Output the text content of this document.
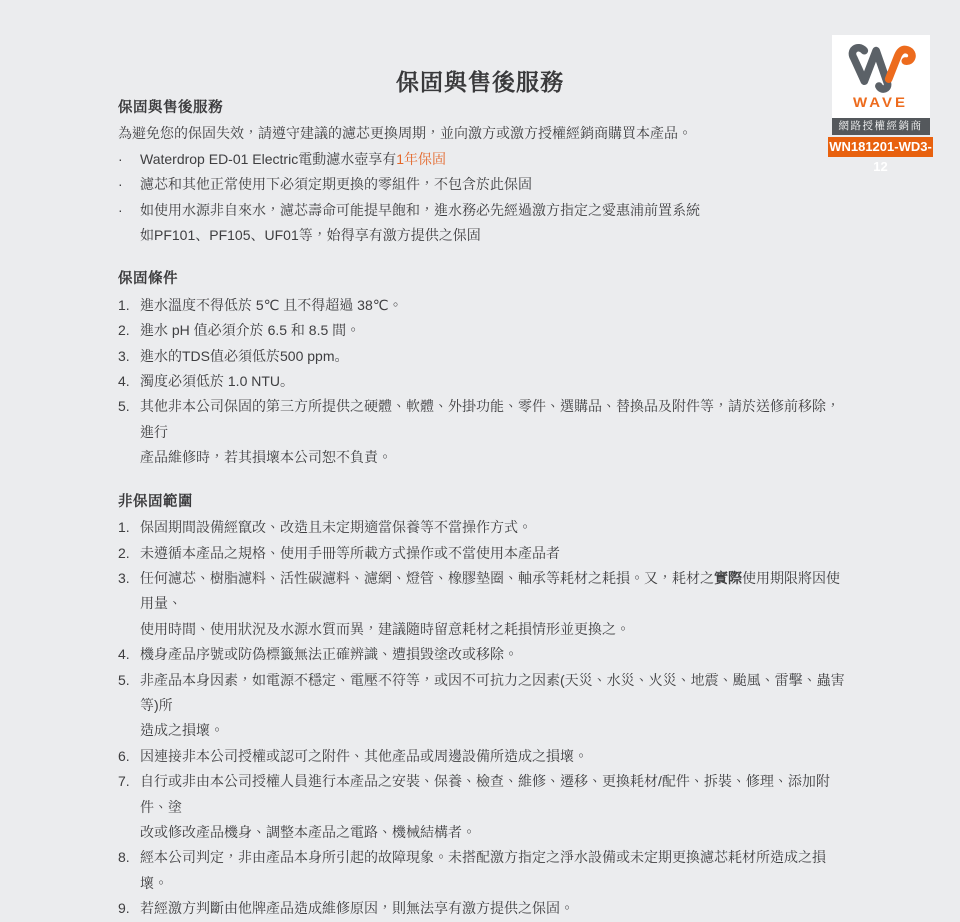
保固與售後服務
WAVE
網路授權經銷商
WN181201-WD3-12
保固與售後服務

為避免您的保固失效，請遵守建議的濾芯更換周期，並向激方或激方授權經銷商購買本產品。

·	Waterdrop ED-01 Electric電動濾水壺享有1年保固
·	濾芯和其他正常使用下必須定期更換的零組件，不包含於此保固
·	如使用水源非自來水，濾芯壽命可能提早飽和，進水務必先經過激方指定之愛惠浦前置系統
如PF101、PF105、UF01等，始得享有激方提供之保固
保固條件
1. 進水溫度不得低於 5℃ 且不得超過 38℃。
2. 進水 pH 值必須介於 6.5 和 8.5 間。
3. 進水的TDS值必須低於500 ppm。
4. 濁度必須低於 1.0 NTU。
5. 其他非本公司保固的第三方所提供之硬體、軟體、外掛功能、零件、選購品、替換品及附件等，請於送修前移除，進行
產品維修時，若其損壞本公司恕不負責。
非保固範圍
1. 保固期間設備經竄改、改造且未定期適當保養等不當操作方式。
2. 未遵循本產品之規格、使用手冊等所載方式操作或不當使用本產品者
3. 任何濾芯、樹脂濾料、活性碳濾料、濾網、燈管、橡膠墊圈、軸承等耗材之耗損。又，耗材之實際使用期限將因使用量、
使用時間、使用狀況及水源水質而異，建議隨時留意耗材之耗損情形並更換之。
4. 機身產品序號或防偽標籤無法正確辨識、遭損毀塗改或移除。
5. 非產品本身因素，如電源不穩定、電壓不符等，或因不可抗力之因素(天災、水災、火災、地震、颱風、雷擊、蟲害等)所
造成之損壞。
6. 因連接非本公司授權或認可之附件、其他產品或周邊設備所造成之損壞。
7. 自行或非由本公司授權人員進行本產品之安裝、保養、檢查、維修、遷移、更換耗材/配件、拆裝、修理、添加附件、塗
改或修改產品機身、調整本產品之電路、機械結構者。
8. 經本公司判定，非由產品本身所引起的故障現象。未搭配激方指定之淨水設備或未定期更換濾芯耗材所造成之損
壞。
9. 若經激方判斷由他牌產品造成維修原因，則無法享有激方提供之保固。
